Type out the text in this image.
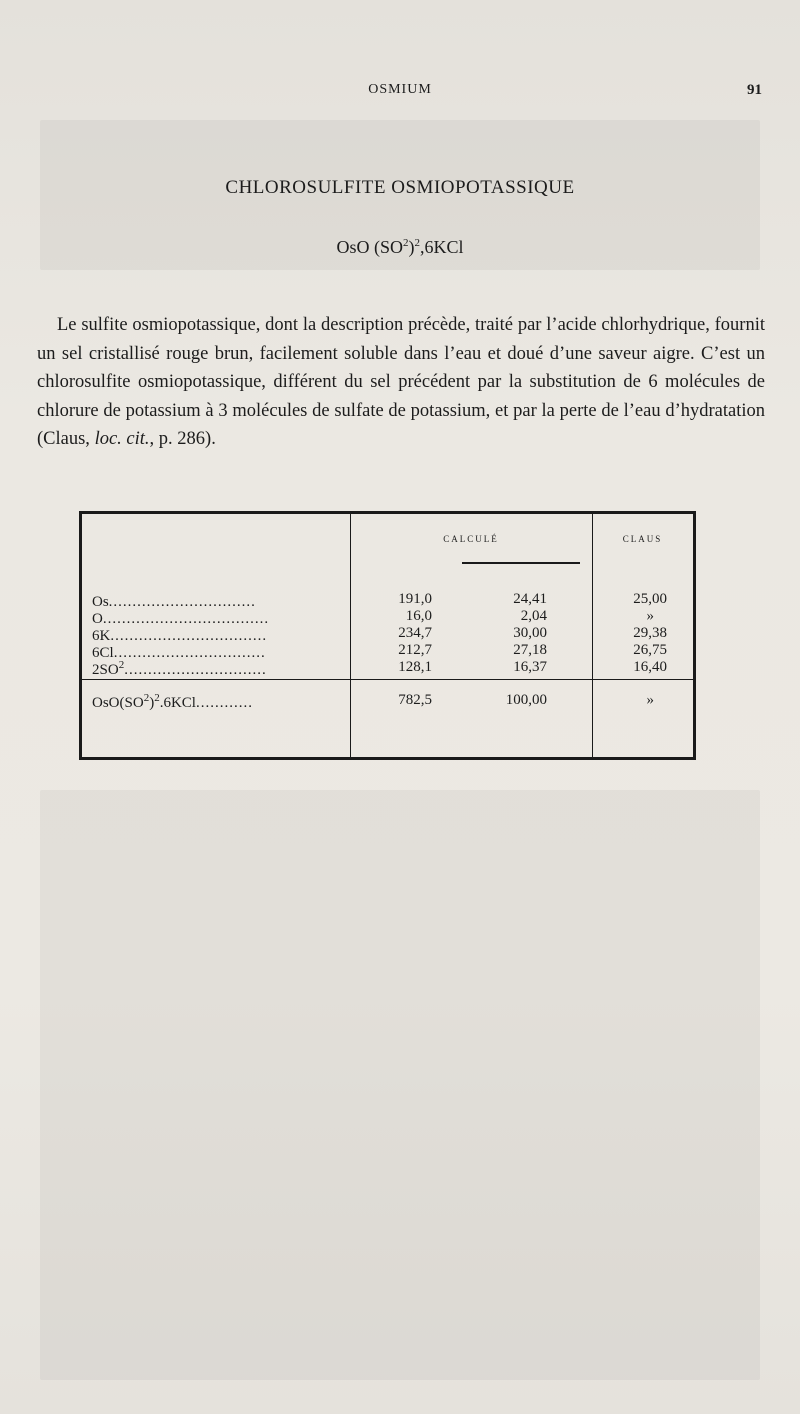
OSMIUM	91
CHLOROSULFITE OSMIOPOTASSIQUE
OsO $(SO^2)^2,6KCl$
Le sulfite osmiopotassique, dont la description précède, traité par l’acide chlorhydrique, fournit un sel cristallisé rouge brun, facilement soluble dans l’eau et doué d’une saveur aigre. C’est un chlorosulfite osmiopotassique, différent du sel précédent par la substitution de 6 molécules de chlorure de potassium à 3 molécules de sulfate de potassium, et par la perte de l’eau d’hydratation (Claus, loc. cit., p. 286).
CALCULÉ	CLAUS
Os...............................	191,0	24,41	25,00
O...................................	16,0	2,04	»
6K.................................	234,7	30,00	29,38
6Cl................................	212,7	27,18	26,75
$2SO^2$..............................	128,1	16,37	16,40
$OsO(SO^2)^2.6KCl$............	782,5	100,00	»
